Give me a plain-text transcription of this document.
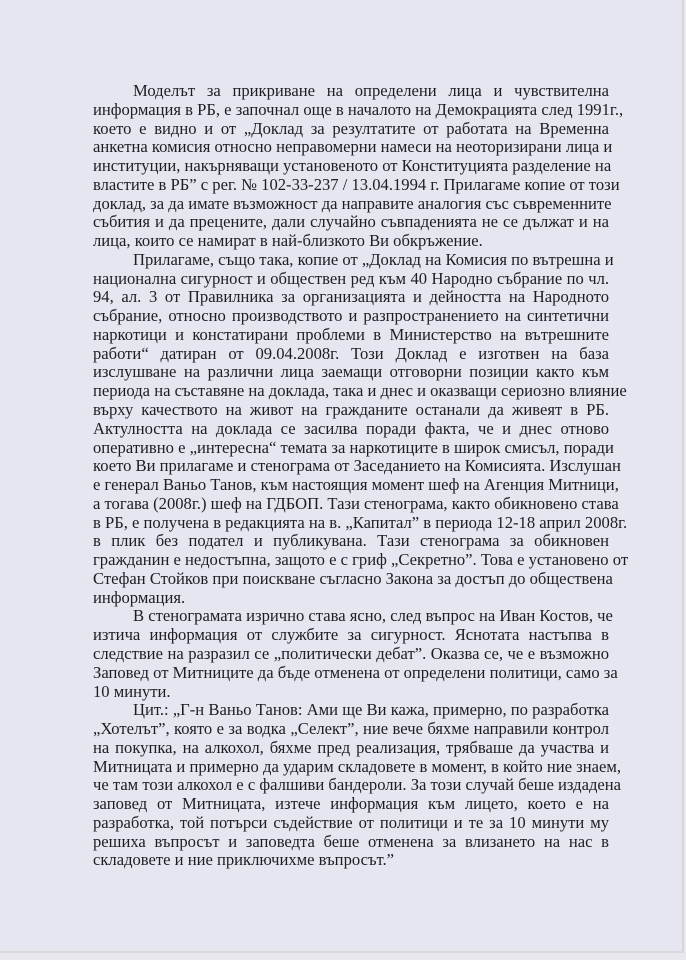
Моделът за прикриване на определени лица и чувствителна
информация в РБ, е започнал още в началото на Демокрацията след 1991г.,
което е видно и от „Доклад за резултатите от работата на Временна
анкетна комисия относно неправомерни намеси на неоторизирани лица и
институции, накърняващи установеното от Конституцията разделение на
властите в РБ” с рег. № 102-33-237 / 13.04.1994 г. Прилагаме копие от този
доклад, за да имате възможност да направите аналогия със съвременните
събития и да прецените, дали случайно съвпаденията не се дължат и на
лица, които се намират в най-близкото Ви обкръжение.
Прилагаме, също така, копие от „Доклад на Комисия по вътрешна и
национална сигурност и обществен ред към 40 Народно събрание по чл.
94, ал. 3 от Правилника за организацията и дейността на Народното
събрание, относно производството и разпространението на синтетични
наркотици и констатирани проблеми в Министерство на вътрешните
работи“ датиран от 09.04.2008г. Този Доклад е изготвен на база
изслушване на различни лица заемащи отговорни позиции както към
периода на съставяне на доклада, така и днес и оказващи сериозно влияние
върху качеството на живот на гражданите останали да живеят в РБ.
Актулността на доклада се засилва поради факта, че и днес отново
оперативно е „интересна“ темата за наркотиците в широк смисъл, поради
което Ви прилагаме и стенограма от Заседанието на Комисията. Изслушан
е генерал Ваньо Танов, към настоящия момент шеф на Агенция Митници,
а тогава (2008г.) шеф на ГДБОП. Тази стенограма, както обикновено става
в РБ, е получена в редакцията на в. „Капитал” в периода 12-18 април 2008г.
в плик без подател и публикувана. Тази стенограма за обикновен
гражданин е недостъпна, защото е с гриф „Секретно”. Това е установено от
Стефан Стойков при поискване съгласно Закона за достъп до обществена
информация.
В стенограмата изрично става ясно, след въпрос на Иван Костов, че
изтича информация от службите за сигурност. Яснотата настъпва в
следствие на разразил се „политически дебат”. Оказва се, че е възможно
Заповед от Митниците да бъде отменена от определени политици, само за
10 минути.
Цит.: „Г-н Ваньо Танов: Ами ще Ви кажа, примерно, по разработка
„Хотелът”, която е за водка „Селект”, ние вече бяхме направили контрол
на покупка, на алкохол, бяхме пред реализация, трябваше да участва и
Митницата и примерно да ударим складовете в момент, в който ние знаем,
че там този алкохол е с фалшиви бандероли. За този случай беше издадена
заповед от Митницата, изтече информация към лицето, което е на
разработка, той потърси съдействие от политици и те за 10 минути му
решиха въпросът и заповедта беше отменена за влизането на нас в
складовете и ние приключихме въпросът.”
